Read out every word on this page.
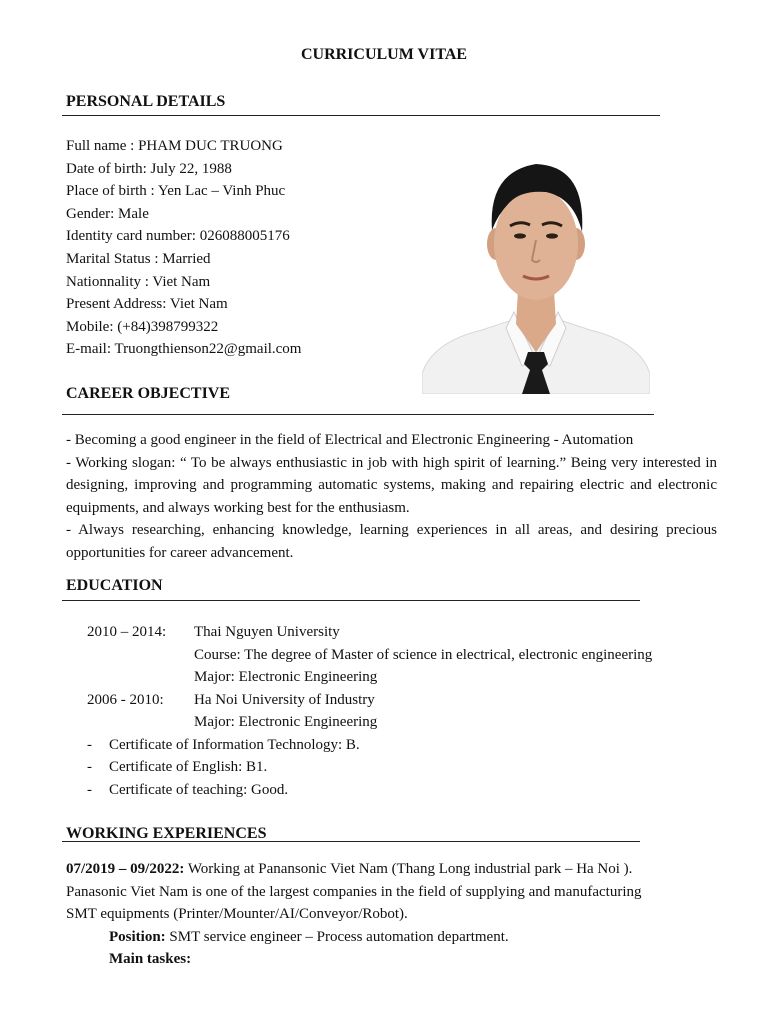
CURRICULUM VITAE
PERSONAL DETAILS
Full name : PHAM DUC TRUONG
Date of birth: July 22, 1988
Place of birth : Yen Lac – Vinh Phuc
Gender: Male
Identity card number: 026088005176
Marital Status : Married
Nationnality : Viet Nam
Present Address: Viet Nam
Mobile: (+84)398799322
E-mail: Truongthienson22@gmail.com
CAREER OBJECTIVE
- Becoming a good engineer in the field of Electrical and Electronic Engineering - Automation
- Working slogan: “ To be always enthusiastic in job with high spirit of learning.” Being very interested in designing, improving and programming automatic systems, making and repairing electric and electronic equipments, and always working best for the enthusiasm.
- Always researching, enhancing knowledge, learning experiences in all areas, and desiring precious opportunities for career advancement.
EDUCATION
2010 – 2014: Thai Nguyen University
Course: The degree of Master of science in electrical, electronic engineering
Major: Electronic Engineering
2006 - 2010: Ha Noi University of Industry
Major: Electronic Engineering
- Certificate of Information Technology: B.
- Certificate of English: B1.
- Certificate of teaching: Good.
WORKING EXPERIENCES
07/2019 – 09/2022: Working at Panansonic Viet Nam (Thang Long industrial park – Ha Noi ).
Panasonic Viet Nam is one of the largest companies in the field of supplying and manufacturing
SMT equipments (Printer/Mounter/AI/Conveyor/Robot).
Position: SMT service engineer – Process automation department.
Main taskes:
